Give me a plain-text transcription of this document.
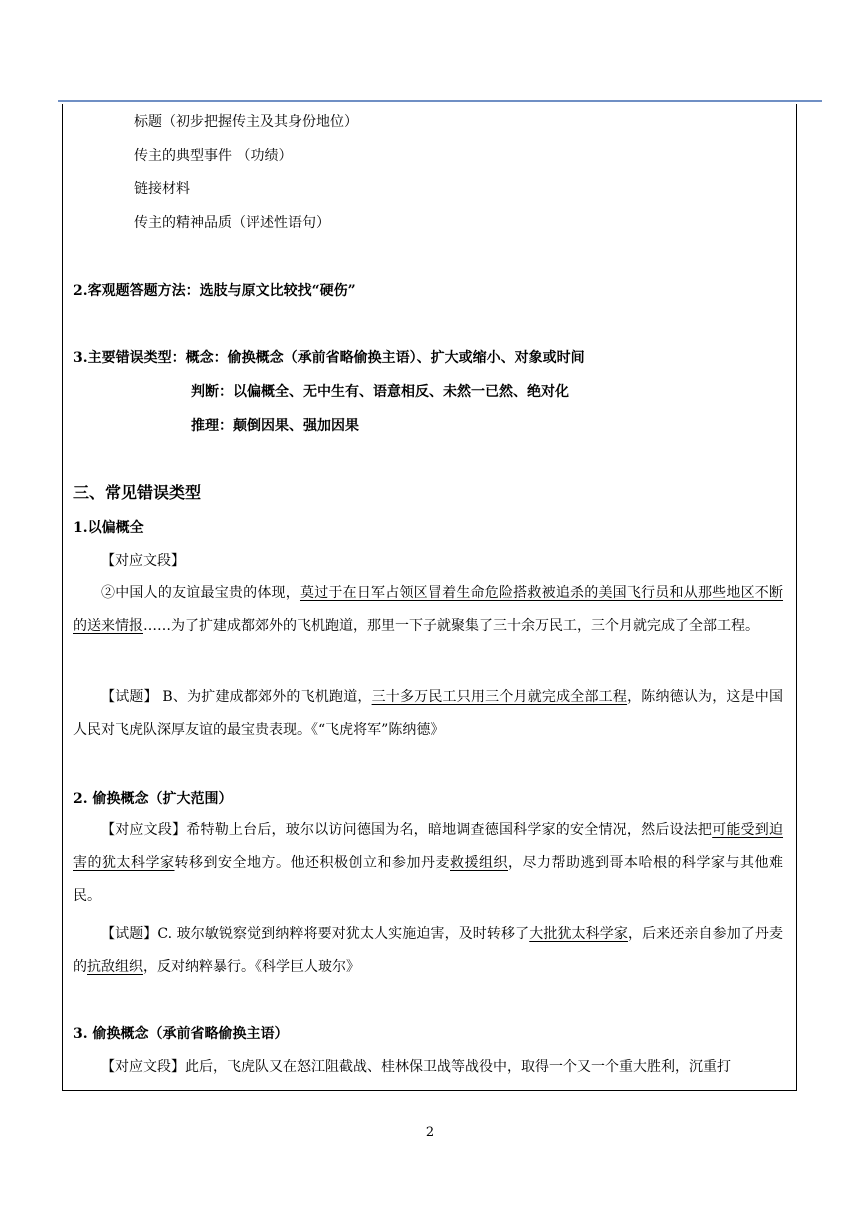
标题（初步把握传主及其身份地位）
传主的典型事件 （功绩）
链接材料
传主的精神品质（评述性语句）
2.客观题答题方法：选肢与原文比较找“硬伤”
3.主要错误类型：概念：偷换概念（承前省略偷换主语）、扩大或缩小、对象或时间
判断：以偏概全、无中生有、语意相反、未然一已然、绝对化
推理：颠倒因果、强加因果
三、常见错误类型
1.以偏概全
【对应文段】
②中国人的友谊最宝贵的体现，莫过于在日军占领区冒着生命危险搭救被追杀的美国飞行员和从那些地区不断的送来情报……为了扩建成都郊外的飞机跑道，那里一下子就聚集了三十余万民工，三个月就完成了全部工程。
【试题】 B、为扩建成都郊外的飞机跑道，三十多万民工只用三个月就完成全部工程，陈纳德认为，这是中国人民对飞虎队深厚友谊的最宝贵表现。《“飞虎将军”陈纳德》
2. 偷换概念（扩大范围）
【对应文段】希特勒上台后，玻尔以访问德国为名，暗地调查德国科学家的安全情况，然后设法把可能受到迫害的犹太科学家转移到安全地方。他还积极创立和参加丹麦救援组织，尽力帮助逃到哥本哈根的科学家与其他难民。
【试题】C. 玻尔敏锐察觉到纳粹将要对犹太人实施迫害，及时转移了大批犹太科学家，后来还亲自参加了丹麦的抗敌组织，反对纳粹暴行。《科学巨人玻尔》
3. 偷换概念（承前省略偷换主语）
【对应文段】此后，飞虎队又在怒江阻截战、桂林保卫战等战役中，取得一个又一个重大胜利，沉重打
2
